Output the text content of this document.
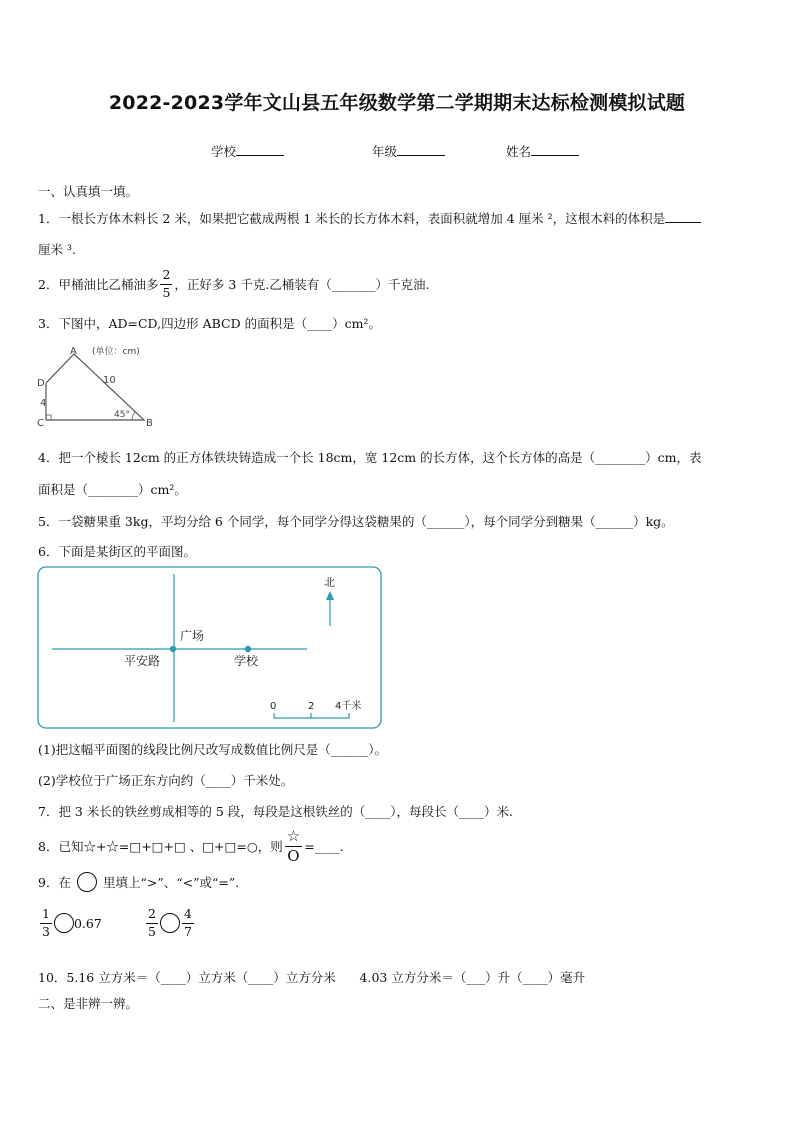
2022-2023学年文山县五年级数学第二学期期末达标检测模拟试题
学校	年级	姓名
一、认真填一填。
1．一根长方体木料长 2 米，如果把它截成两根 1 米长的长方体木料，表面积就增加 4 厘米 ²，这根木料的体积是
厘米 ³.
2．甲桶油比乙桶油多 $\frac{2}{5}$ ，正好多 3 千克.乙桶装有（_______）千克油.
3．下图中，AD=CD,四边形 ABCD 的面积是（____）cm²。
A
B
C
D
(单位：cm)
10
4
45°
4．把一个棱长 12cm 的正方体铁块铸造成一个长 18cm，宽 12cm 的长方体，这个长方体的高是（________）cm，表
面积是（________）cm²。
5．一袋糖果重 3kg，平均分给 6 个同学，每个同学分得这袋糖果的（______），每个同学分到糖果（______）kg。
6．下面是某街区的平面图。
广场
平安路	学校
北
0	2 4千米
(1)把这幅平面图的线段比例尺改写成数值比例尺是（______）。
(2)学校位于广场正东方向约（____）千米处。
7．把 3 米长的铁丝剪成相等的 5 段，每段是这根铁丝的（____），每段长（____）米.
8．已知☆+☆=□+□+□ 、□+□=○，则 $\frac{☆}{O}$ =____.
9．在	里填上“>”、“<”或“=”.
$\frac{1}{3} 0.67$	$\frac{2}{5} \frac{4}{7}$
10．5.16 立方米＝（____）立方米（____）立方分米      4.03 立方分米＝（___）升（____）毫升
二、是非辨一辨。
